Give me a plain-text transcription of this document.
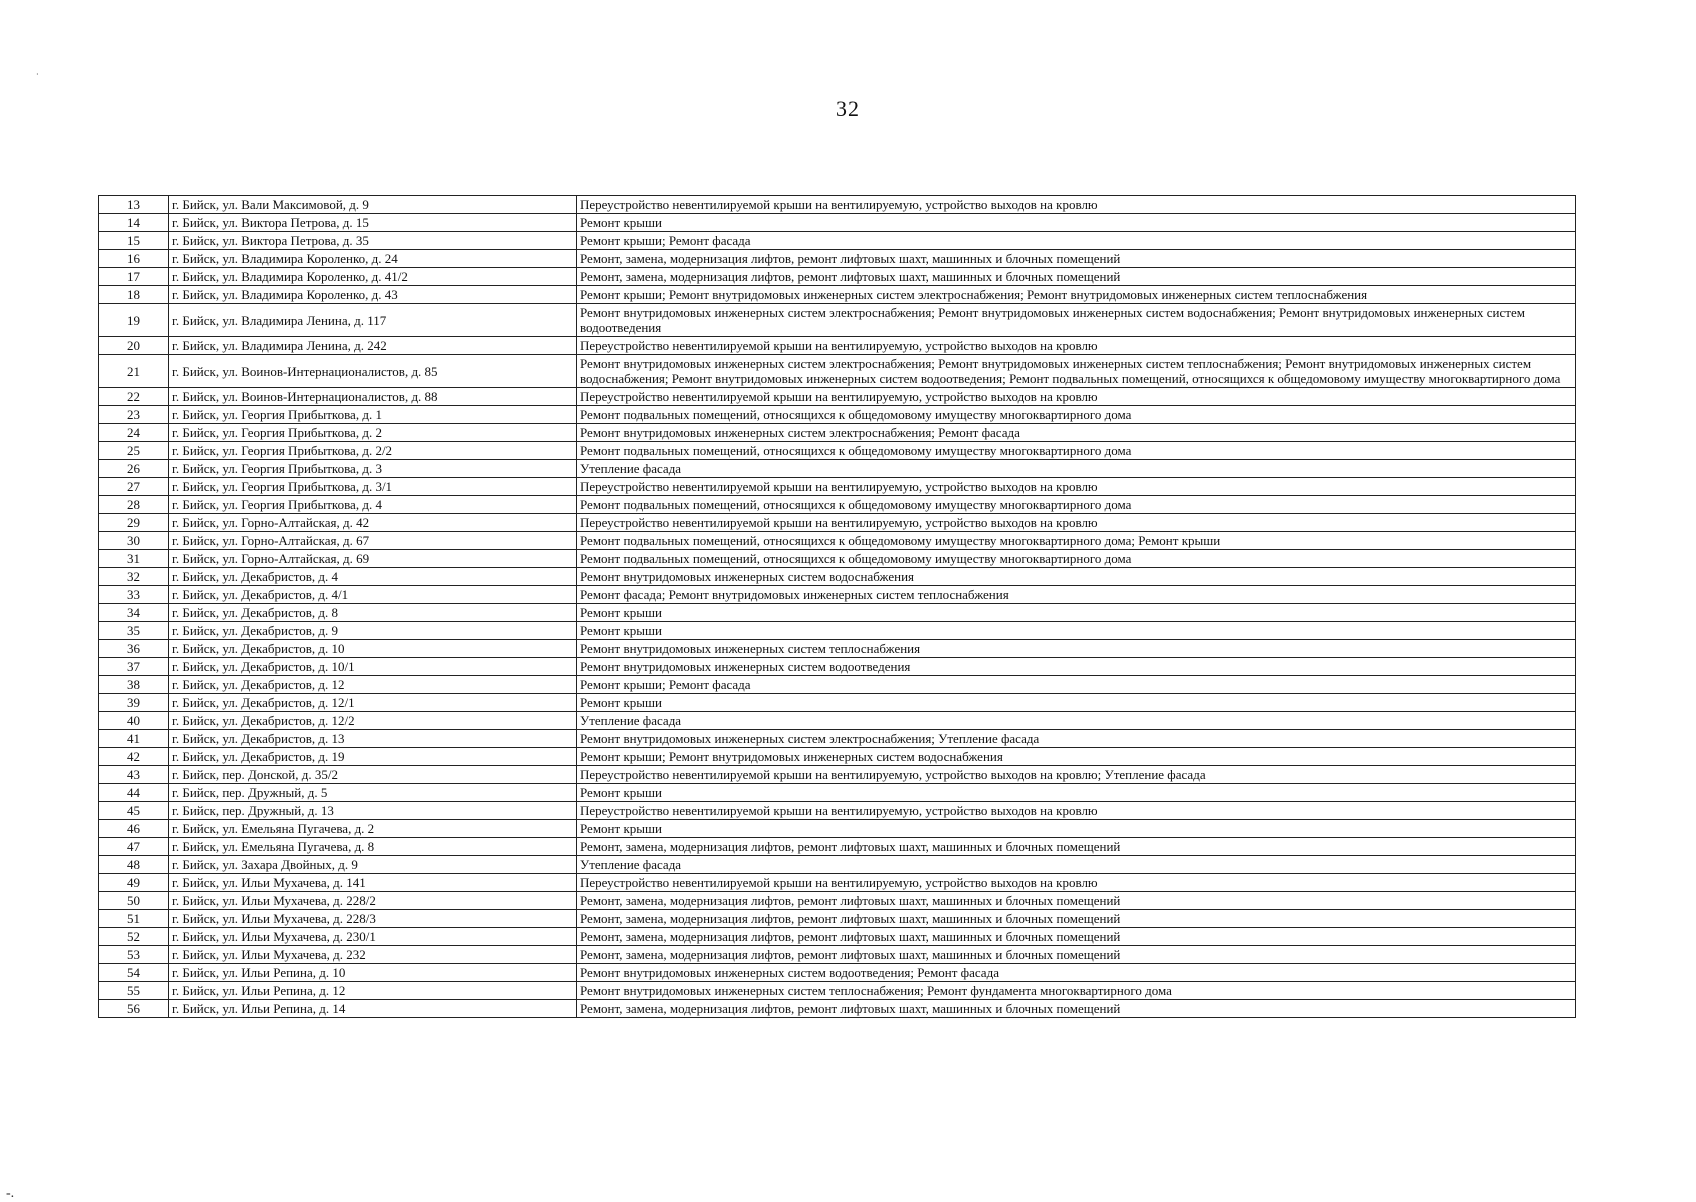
·
32
13	г. Бийск, ул. Вали Максимовой, д. 9	Переустройство невентилируемой крыши на вентилируемую, устройство выходов на кровлю
14	г. Бийск, ул. Виктора Петрова, д. 15	Ремонт крыши
15	г. Бийск, ул. Виктора Петрова, д. 35	Ремонт крыши; Ремонт фасада
16	г. Бийск, ул. Владимира Короленко, д. 24	Ремонт, замена, модернизация лифтов, ремонт лифтовых шахт, машинных и блочных помещений
17	г. Бийск, ул. Владимира Короленко, д. 41/2	Ремонт, замена, модернизация лифтов, ремонт лифтовых шахт, машинных и блочных помещений
18	г. Бийск, ул. Владимира Короленко, д. 43	Ремонт крыши; Ремонт внутридомовых инженерных систем электроснабжения; Ремонт внутридомовых инженерных систем теплоснабжения
19	г. Бийск, ул. Владимира Ленина, д. 117	Ремонт внутридомовых инженерных систем электроснабжения; Ремонт внутридомовых инженерных систем водоснабжения; Ремонт внутридомовых инженерных систем водоотведения
20	г. Бийск, ул. Владимира Ленина, д. 242	Переустройство невентилируемой крыши на вентилируемую, устройство выходов на кровлю
21	г. Бийск, ул. Воинов-Интернационалистов, д. 85	Ремонт внутридомовых инженерных систем электроснабжения; Ремонт внутридомовых инженерных систем теплоснабжения; Ремонт внутридомовых инженерных систем водоснабжения; Ремонт внутридомовых инженерных систем водоотведения; Ремонт подвальных помещений, относящихся к общедомовому имуществу многоквартирного дома
22	г. Бийск, ул. Воинов-Интернационалистов, д. 88	Переустройство невентилируемой крыши на вентилируемую, устройство выходов на кровлю
23	г. Бийск, ул. Георгия Прибыткова, д. 1	Ремонт подвальных помещений, относящихся к общедомовому имуществу многоквартирного дома
24	г. Бийск, ул. Георгия Прибыткова, д. 2	Ремонт внутридомовых инженерных систем электроснабжения; Ремонт фасада
25	г. Бийск, ул. Георгия Прибыткова, д. 2/2	Ремонт подвальных помещений, относящихся к общедомовому имуществу многоквартирного дома
26	г. Бийск, ул. Георгия Прибыткова, д. 3	Утепление фасада
27	г. Бийск, ул. Георгия Прибыткова, д. 3/1	Переустройство невентилируемой крыши на вентилируемую, устройство выходов на кровлю
28	г. Бийск, ул. Георгия Прибыткова, д. 4	Ремонт подвальных помещений, относящихся к общедомовому имуществу многоквартирного дома
29	г. Бийск, ул. Горно-Алтайская, д. 42	Переустройство невентилируемой крыши на вентилируемую, устройство выходов на кровлю
30	г. Бийск, ул. Горно-Алтайская, д. 67	Ремонт подвальных помещений, относящихся к общедомовому имуществу многоквартирного дома; Ремонт крыши
31	г. Бийск, ул. Горно-Алтайская, д. 69	Ремонт подвальных помещений, относящихся к общедомовому имуществу многоквартирного дома
32	г. Бийск, ул. Декабристов, д. 4	Ремонт внутридомовых инженерных систем водоснабжения
33	г. Бийск, ул. Декабристов, д. 4/1	Ремонт фасада; Ремонт внутридомовых инженерных систем теплоснабжения
34	г. Бийск, ул. Декабристов, д. 8	Ремонт крыши
35	г. Бийск, ул. Декабристов, д. 9	Ремонт крыши
36	г. Бийск, ул. Декабристов, д. 10	Ремонт внутридомовых инженерных систем теплоснабжения
37	г. Бийск, ул. Декабристов, д. 10/1	Ремонт внутридомовых инженерных систем водоотведения
38	г. Бийск, ул. Декабристов, д. 12	Ремонт крыши; Ремонт фасада
39	г. Бийск, ул. Декабристов, д. 12/1	Ремонт крыши
40	г. Бийск, ул. Декабристов, д. 12/2	Утепление фасада
41	г. Бийск, ул. Декабристов, д. 13	Ремонт внутридомовых инженерных систем электроснабжения; Утепление фасада
42	г. Бийск, ул. Декабристов, д. 19	Ремонт крыши; Ремонт внутридомовых инженерных систем водоснабжения
43	г. Бийск, пер. Донской, д. 35/2	Переустройство невентилируемой крыши на вентилируемую, устройство выходов на кровлю; Утепление фасада
44	г. Бийск, пер. Дружный, д. 5	Ремонт крыши
45	г. Бийск, пер. Дружный, д. 13	Переустройство невентилируемой крыши на вентилируемую, устройство выходов на кровлю
46	г. Бийск, ул. Емельяна Пугачева, д. 2	Ремонт крыши
47	г. Бийск, ул. Емельяна Пугачева, д. 8	Ремонт, замена, модернизация лифтов, ремонт лифтовых шахт, машинных и блочных помещений
48	г. Бийск, ул. Захара Двойных, д. 9	Утепление фасада
49	г. Бийск, ул. Ильи Мухачева, д. 141	Переустройство невентилируемой крыши на вентилируемую, устройство выходов на кровлю
50	г. Бийск, ул. Ильи Мухачева, д. 228/2	Ремонт, замена, модернизация лифтов, ремонт лифтовых шахт, машинных и блочных помещений
51	г. Бийск, ул. Ильи Мухачева, д. 228/3	Ремонт, замена, модернизация лифтов, ремонт лифтовых шахт, машинных и блочных помещений
52	г. Бийск, ул. Ильи Мухачева, д. 230/1	Ремонт, замена, модернизация лифтов, ремонт лифтовых шахт, машинных и блочных помещений
53	г. Бийск, ул. Ильи Мухачева, д. 232	Ремонт, замена, модернизация лифтов, ремонт лифтовых шахт, машинных и блочных помещений
54	г. Бийск, ул. Ильи Репина, д. 10	Ремонт внутридомовых инженерных систем водоотведения; Ремонт фасада
55	г. Бийск, ул. Ильи Репина, д. 12	Ремонт внутридомовых инженерных систем теплоснабжения; Ремонт фундамента многоквартирного дома
56	г. Бийск, ул. Ильи Репина, д. 14	Ремонт, замена, модернизация лифтов, ремонт лифтовых шахт, машинных и блочных помещений
-.
